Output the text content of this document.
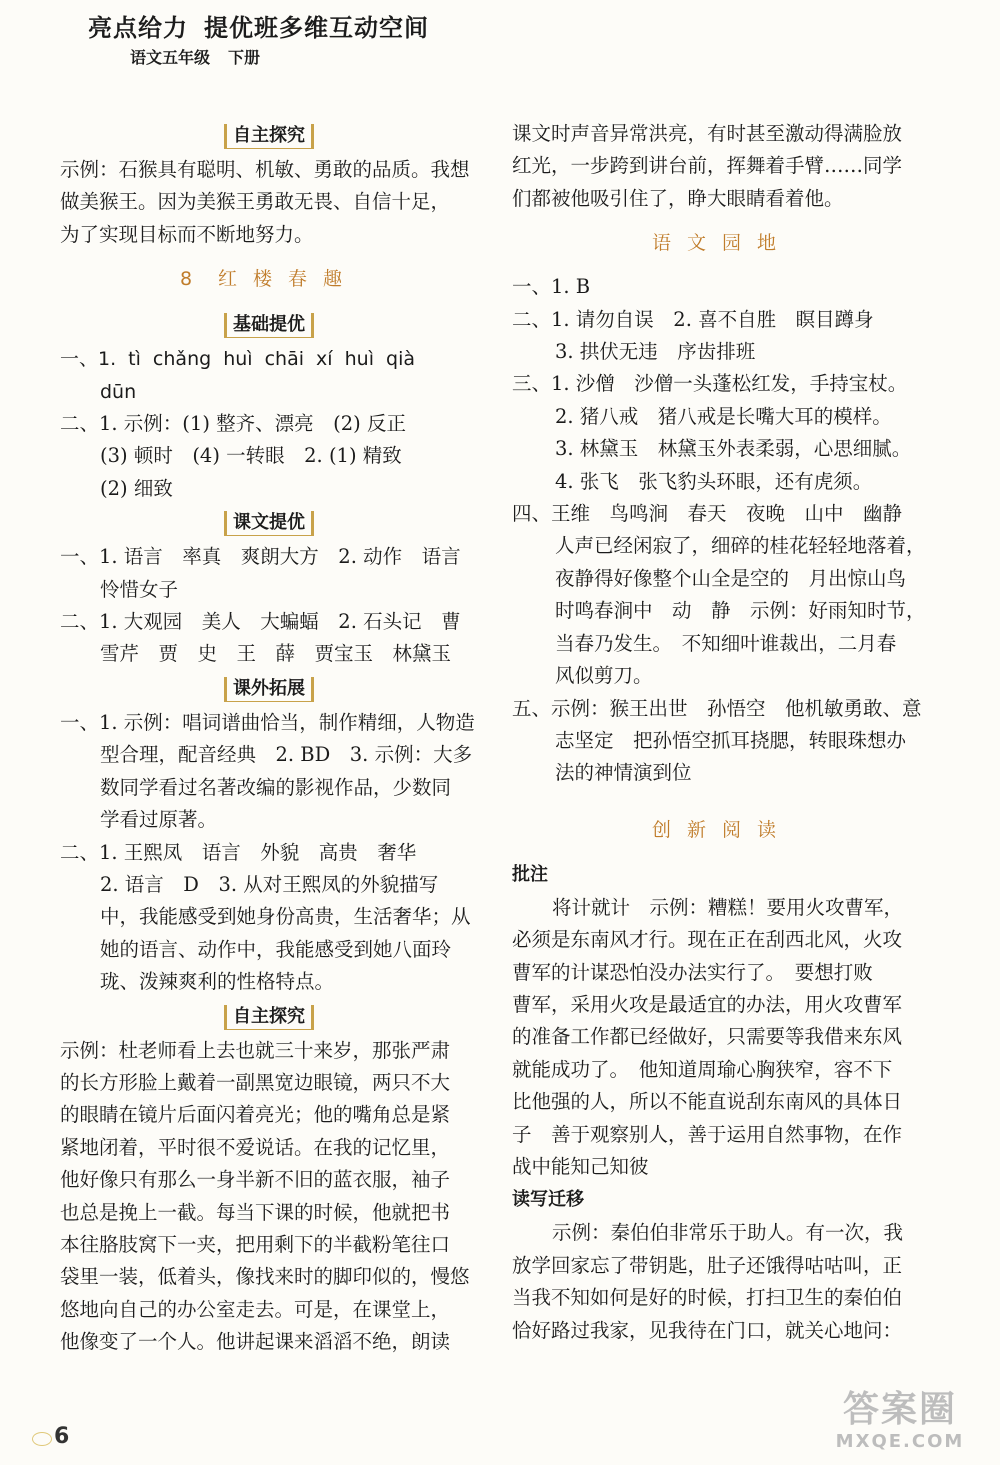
亮点给力 提优班多维互动空间
语文五年级 下册
自主探究
示例：石猴具有聪明、机敏、勇敢的品质。我想
做美猴王。因为美猴王勇敢无畏、自信十足，
为了实现目标而不断地努力。
8 红楼春趣
基础提优
一、1. tì chǎng huì chāi xí huì qià
dūn
二、1. 示例：(1) 整齐、漂亮　(2) 反正
(3) 顿时　(4) 一转眼　2. (1) 精致
(2) 细致
课文提优
一、1. 语言　率真　爽朗大方　2. 动作　语言
怜惜女子
二、1. 大观园　美人　大蝙蝠　2. 石头记　曹
雪芹　贾　史　王　薛　贾宝玉　林黛玉
课外拓展
一、1. 示例：唱词谱曲恰当，制作精细，人物造
型合理，配音经典　2. BD　3. 示例：大多
数同学看过名著改编的影视作品，少数同
学看过原著。
二、1. 王熙凤　语言　外貌　高贵　奢华
2. 语言　D　3. 从对王熙凤的外貌描写
中，我能感受到她身份高贵，生活奢华；从
她的语言、动作中，我能感受到她八面玲
珑、泼辣爽利的性格特点。
自主探究
示例：杜老师看上去也就三十来岁，那张严肃
的长方形脸上戴着一副黑宽边眼镜，两只不大
的眼睛在镜片后面闪着亮光；他的嘴角总是紧
紧地闭着，平时很不爱说话。在我的记忆里，
他好像只有那么一身半新不旧的蓝衣服，袖子
也总是挽上一截。每当下课的时候，他就把书
本往胳肢窝下一夹，把用剩下的半截粉笔往口
袋里一装，低着头，像找来时的脚印似的，慢悠
悠地向自己的办公室走去。可是，在课堂上，
他像变了一个人。他讲起课来滔滔不绝，朗读
课文时声音异常洪亮，有时甚至激动得满脸放
红光，一步跨到讲台前，挥舞着手臂……同学
们都被他吸引住了，睁大眼睛看着他。
语文园地
一、1. B
二、1. 请勿自误　2. 喜不自胜　瞑目蹲身
3. 拱伏无违　序齿排班
三、1. 沙僧　沙僧一头蓬松红发，手持宝杖。
2. 猪八戒　猪八戒是长嘴大耳的模样。
3. 林黛玉　林黛玉外表柔弱，心思细腻。
4. 张飞　张飞豹头环眼，还有虎须。
四、王维　鸟鸣涧　春天　夜晚　山中　幽静
人声已经闲寂了，细碎的桂花轻轻地落着，
夜静得好像整个山全是空的　月出惊山鸟
时鸣春涧中　动　静　示例：好雨知时节，
当春乃发生。　不知细叶谁裁出，二月春
风似剪刀。
五、示例：猴王出世　孙悟空　他机敏勇敢、意
志坚定　把孙悟空抓耳挠腮，转眼珠想办
法的神情演到位
创新阅读
批注
将计就计　示例：糟糕！要用火攻曹军，
必须是东南风才行。现在正在刮西北风，火攻
曹军的计谋恐怕没办法实行了。　要想打败
曹军，采用火攻是最适宜的办法，用火攻曹军
的准备工作都已经做好，只需要等我借来东风
就能成功了。　他知道周瑜心胸狭窄，容不下
比他强的人，所以不能直说刮东南风的具体日
子　善于观察别人，善于运用自然事物，在作
战中能知己知彼
读写迁移
示例：秦伯伯非常乐于助人。有一次，我
放学回家忘了带钥匙，肚子还饿得咕咕叫，正
当我不知如何是好的时候，打扫卫生的秦伯伯
恰好路过我家，见我待在门口，就关心地问：
6
答案圈
MXQE.COM
